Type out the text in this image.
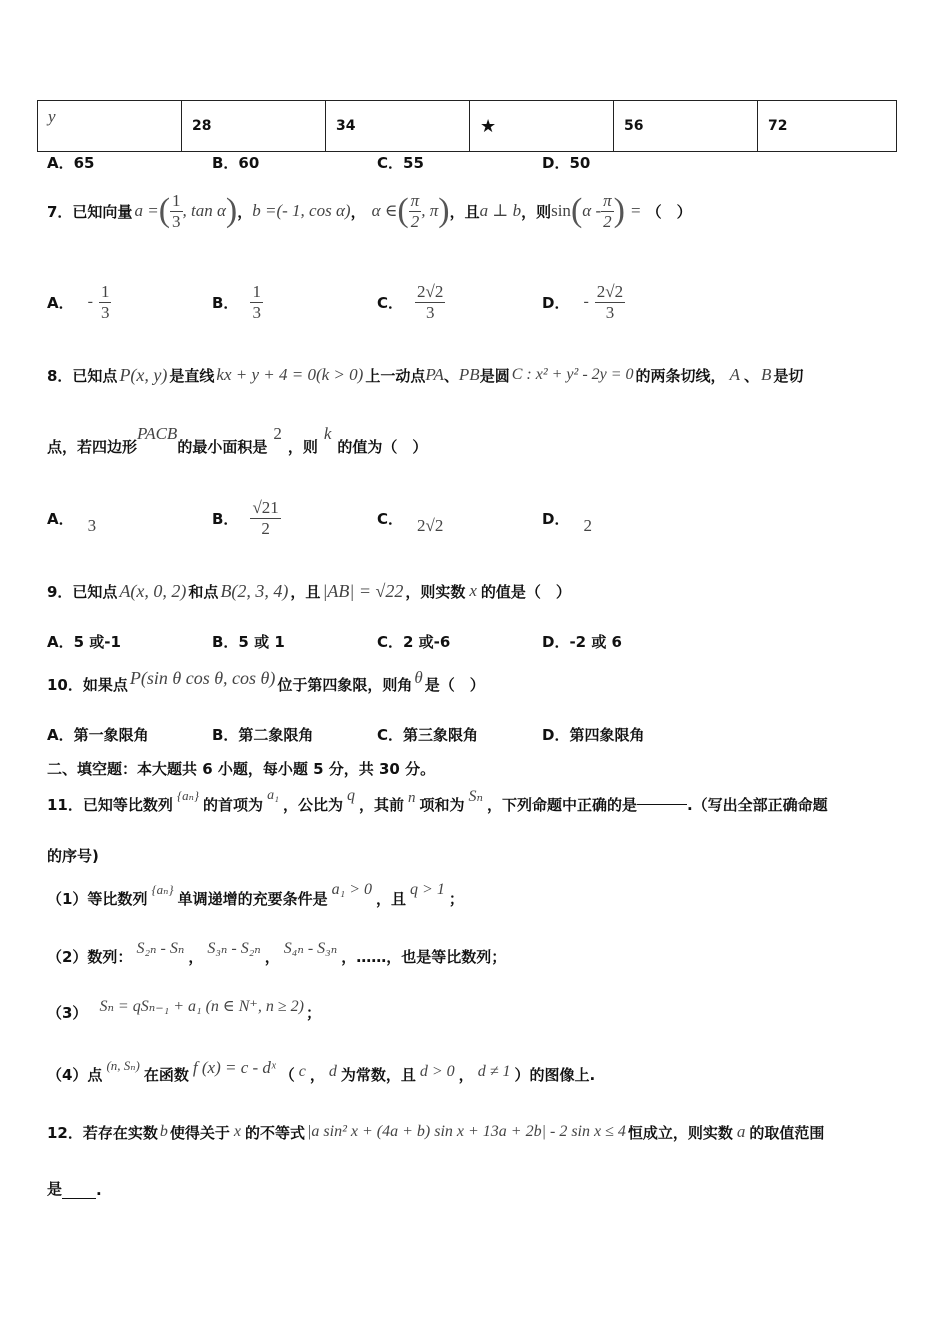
y	28	34	★	56	72
A．65	B．60	C．55	D．50
7．已知向量 a = ( $\frac{1}{3}$ , tan α ) ， b =(- 1, cos α) ， α ∈ ( $\frac{\pi}{2}$ , π ) ，且 a ⊥ b ，则 sin ( α - $\frac{\pi}{2}$ ) = （　）
A． - $\frac{1}{3}$	B． $\frac{1}{3}$	C． $\frac{2√2}{3}$	D． - $\frac{2√2}{3}$
8．已知点 P(x, y) 是直线 kx + y + 4 = 0(k > 0) 上一动点 PA 、 PB 是圆 C : x² + y² - 2y = 0 的两条切线， A 、 B 是切
点，若四边形
PACB
的最小面积是
2
，则
k
的值为（　）
A． 3	B． $\frac{√21}{2}$	C． 2√2	D． 2
9．已知点 A(x, 0, 2) 和点 B(2, 3, 4) ，且 |AB| = √22 ，则实数 x 的值是（　）
A．5 或-1	B．5 或 1	C．2 或-6	D．-2 或 6
10．如果点 P(sin θ cos θ, cos θ) 位于第四象限，则角 θ 是（　）
A．第一象限角	B．第二象限角	C．第三象限角	D．第四象限角
二、填空题：本大题共 6 小题，每小题 5 分，共 30 分。
11．已知等比数列 {aₙ} 的首项为 a₁ ，公比为 q ，其前 n 项和为 Sₙ ，下列命题中正确的是	.（写出全部正确命题
的序号)
（1）等比数列 {aₙ} 单调递增的充要条件是 a₁ > 0 ，且 q > 1 ；
（2）数列： S₂ₙ - Sₙ ， S₃ₙ - S₂ₙ ， S₄ₙ - S₃ₙ ，……，也是等比数列；
（3） Sₙ = qSₙ₋₁ + a₁ (n ∈ N⁺, n ≥ 2) ；
（4）点 (n, Sₙ) 在函数 f (x) = c - dˣ （ c ， d 为常数，且 d > 0 ， d ≠ 1 ）的图像上.
12．若存在实数 b 使得关于 x 的不等式 |a sin² x + (4a + b) sin x + 13a + 2b| - 2 sin x ≤ 4 恒成立，则实数 a 的取值范围
是 .
